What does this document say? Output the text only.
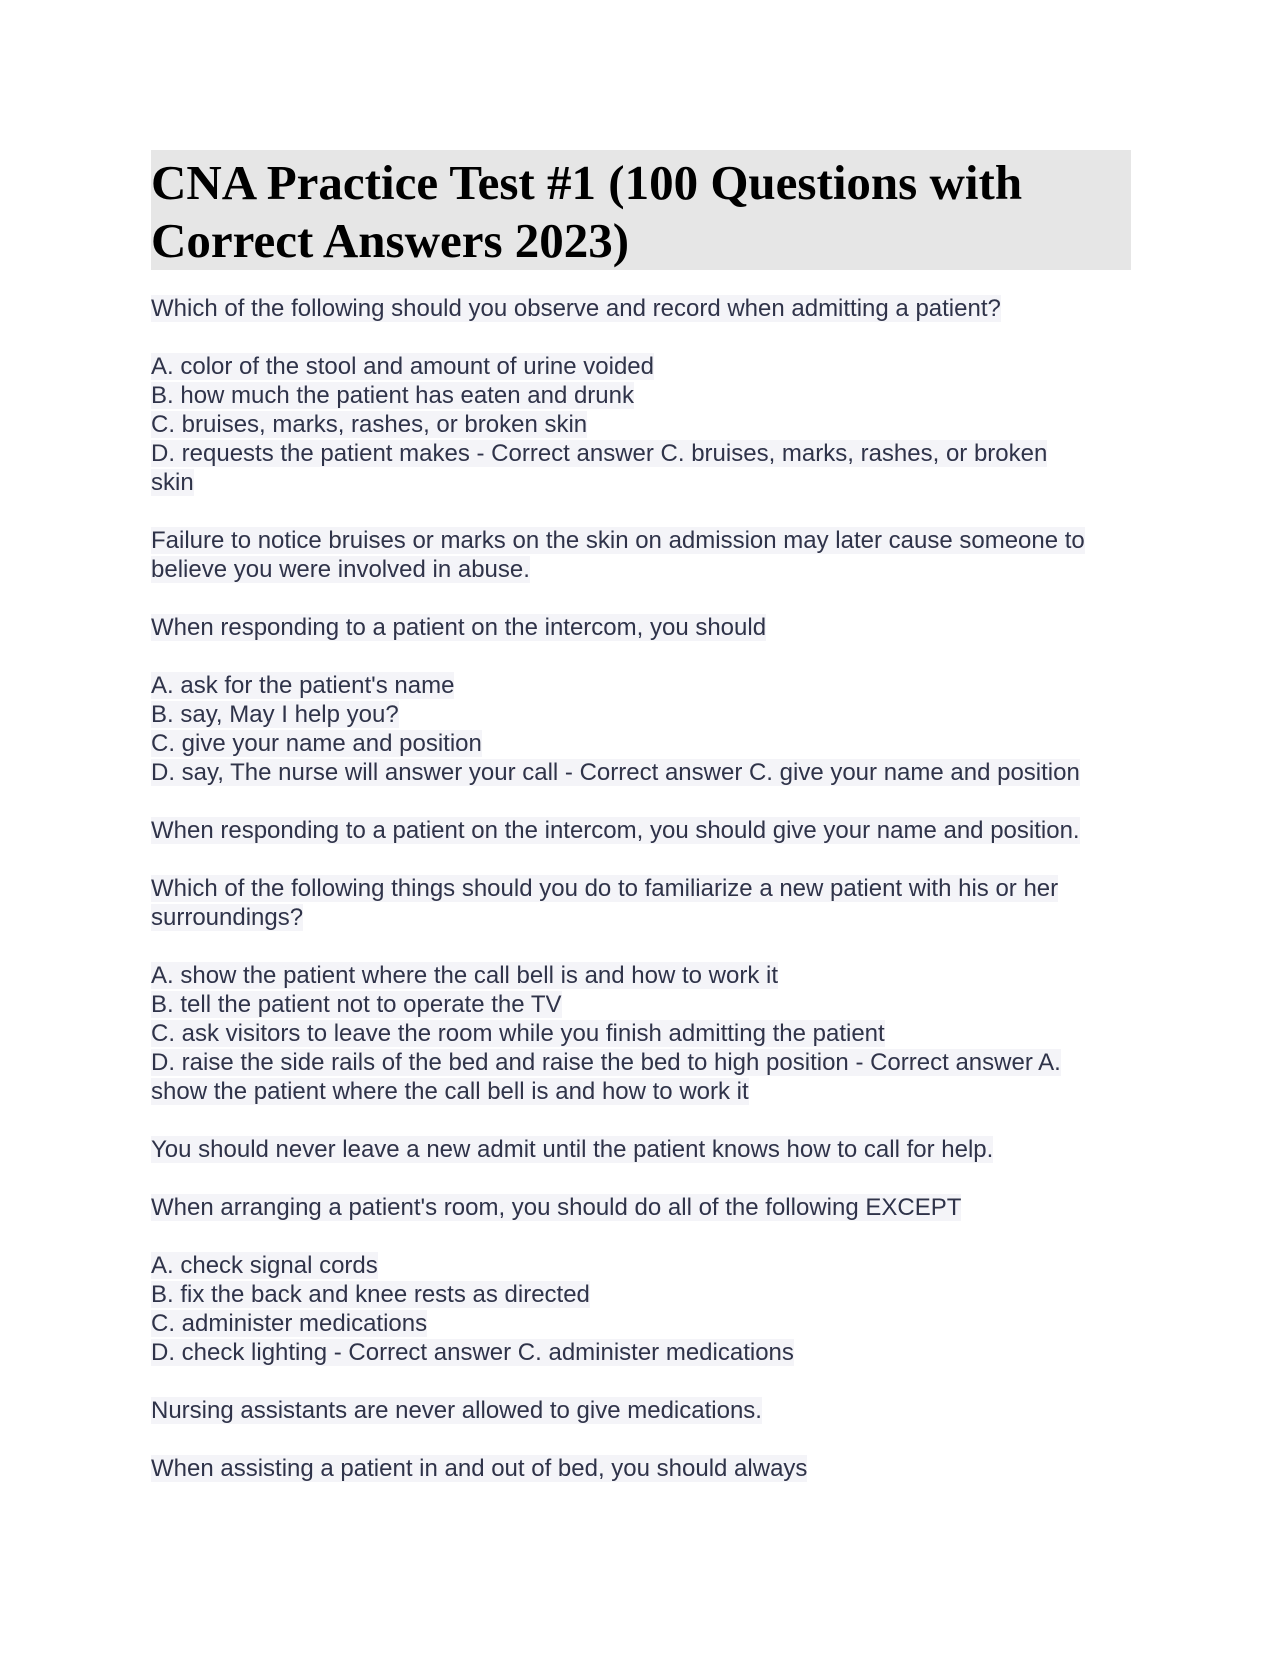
CNA Practice Test #1 (100 Questions with Correct Answers 2023)
Which of the following should you observe and record when admitting a patient?
A. color of the stool and amount of urine voided
B. how much the patient has eaten and drunk
C. bruises, marks, rashes, or broken skin
D. requests the patient makes - Correct answer C. bruises, marks, rashes, or broken
skin
Failure to notice bruises or marks on the skin on admission may later cause someone to
believe you were involved in abuse.
When responding to a patient on the intercom, you should
A. ask for the patient's name
B. say, May I help you?
C. give your name and position
D. say, The nurse will answer your call - Correct answer C. give your name and position
When responding to a patient on the intercom, you should give your name and position.
Which of the following things should you do to familiarize a new patient with his or her
surroundings?
A. show the patient where the call bell is and how to work it
B. tell the patient not to operate the TV
C. ask visitors to leave the room while you finish admitting the patient
D. raise the side rails of the bed and raise the bed to high position - Correct answer A.
show the patient where the call bell is and how to work it
You should never leave a new admit until the patient knows how to call for help.
When arranging a patient's room, you should do all of the following EXCEPT
A. check signal cords
B. fix the back and knee rests as directed
C. administer medications
D. check lighting - Correct answer C. administer medications
Nursing assistants are never allowed to give medications.
When assisting a patient in and out of bed, you should always
